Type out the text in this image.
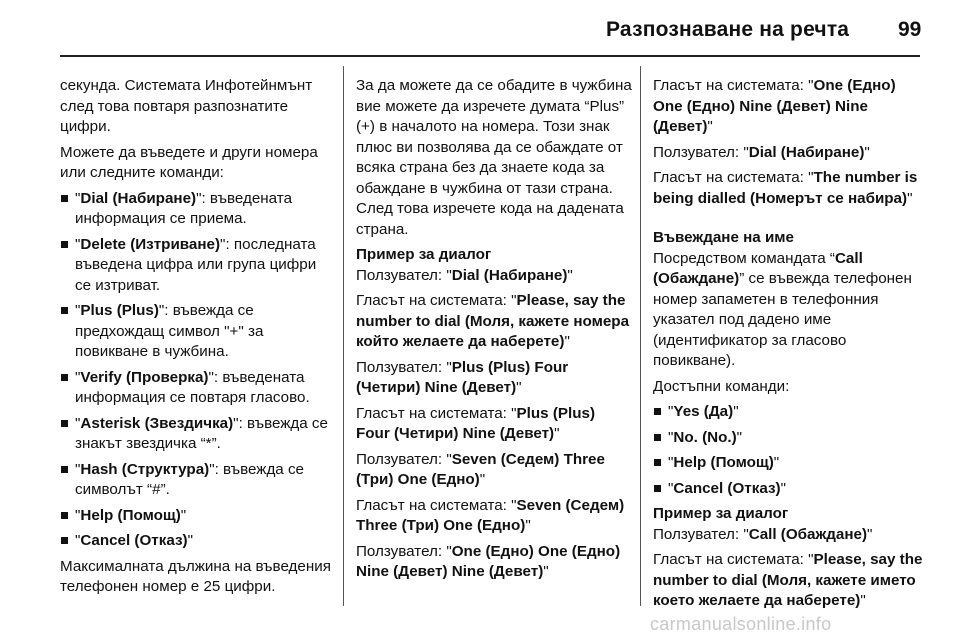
Разпознаване на речта 99

секунда. Системата Инфотейнмънт след това повтаря разпознатите цифри.

Можете да въведете и други номера или следните команди:

"Dial (Набиране)": въведената информация се приема.
"Delete (Изтриване)": последната въведена цифра или група цифри се изтриват.
"Plus (Plus)": въвежда се предхождащ символ "+" за повикване в чужбина.
"Verify (Проверка)": въведената информация се повтаря гласово.
"Asterisk (Звездичка)": въвежда се знакът звездичка “*”.
"Hash (Структура)": въвежда се символът “#”.
"Help (Помощ)"
"Cancel (Отказ)"

Максималната дължина на въведения телефонен номер е 25 цифри.

За да можете да се обадите в чужбина вие можете да изречете думата “Plus” (+) в началото на номера. Този знак плюс ви позволява да се обаждате от всяка страна без да знаете кода за обаждане в чужбина от тази страна. След това изречете кода на дадената страна.

Пример за диалог

Ползувател: "Dial (Набиране)"

Гласът на системата: "Please, say the number to dial (Моля, кажете номера който желаете да наберете)"

Ползувател: "Plus (Plus) Four (Четири) Nine (Девет)"

Гласът на системата: "Plus (Plus) Four (Четири) Nine (Девет)"

Ползувател: "Seven (Седем) Three (Три) One (Едно)"

Гласът на системата: "Seven (Седем) Three (Три) One (Едно)"

Ползувател: "One (Едно) One (Едно) Nine (Девет) Nine (Девет)"

Гласът на системата: "One (Едно) One (Едно) Nine (Девет) Nine (Девет)"

Ползувател: "Dial (Набиране)"

Гласът на системата: "The number is being dialled (Номерът се набира)"

Въвеждане на име

Посредством командата “Call (Обаждане)” се въвежда телефонен номер запаметен в телефонния указател под дадено име (идентификатор за гласово повикване).

Достъпни команди:

"Yes (Да)"
"No. (No.)"
"Help (Помощ)"
"Cancel (Отказ)"

Пример за диалог

Ползувател: "Call (Обаждане)"

Гласът на системата: "Please, say the number to dial (Моля, кажете името което желаете да наберете)"

carmanualsonline.info
